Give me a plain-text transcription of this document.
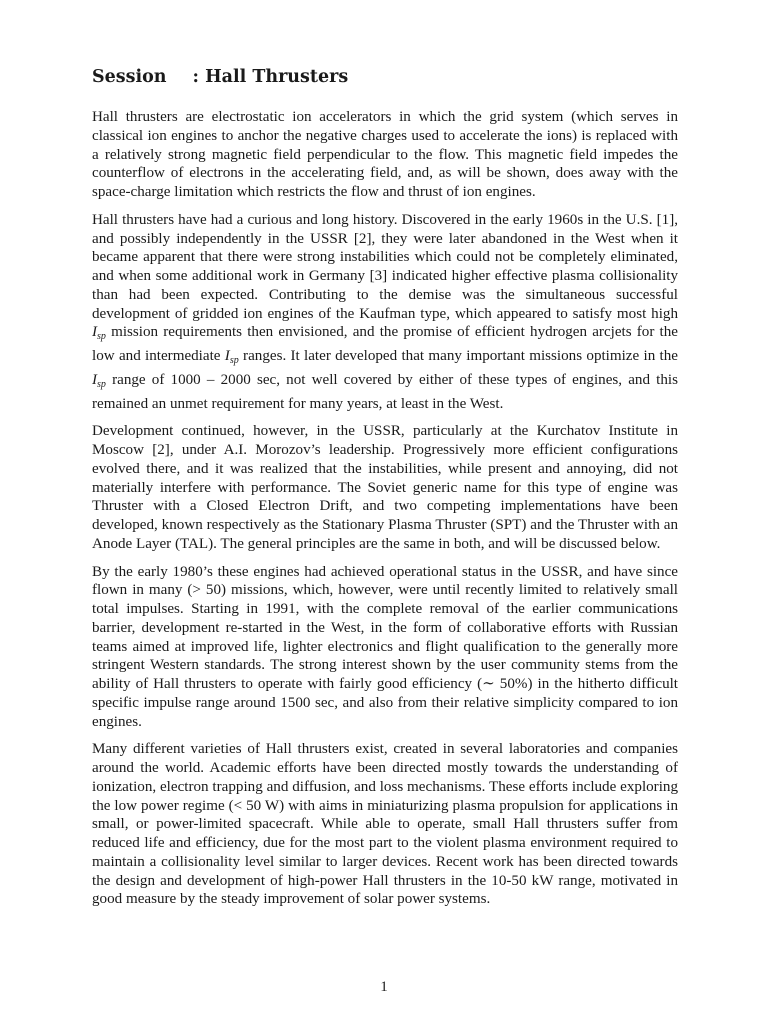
Session : Hall Thrusters

Hall thrusters are electrostatic ion accelerators in which the grid system (which serves in classical ion engines to anchor the negative charges used to accelerate the ions) is replaced with a relatively strong magnetic field perpendicular to the flow. This magnetic field impedes the counterflow of electrons in the accelerating field, and, as will be shown, does away with the space-charge limitation which restricts the flow and thrust of ion engines.

Hall thrusters have had a curious and long history. Discovered in the early 1960s in the U.S. [1], and possibly independently in the USSR [2], they were later abandoned in the West when it became apparent that there were strong instabilities which could not be completely eliminated, and when some additional work in Germany [3] indicated higher effective plasma collisionality than had been expected. Contributing to the demise was the simultaneous successful development of gridded ion engines of the Kaufman type, which appeared to satisfy most high $I_{sp}$ mission requirements then envisioned, and the promise of efficient hydrogen arcjets for the low and intermediate $I_{sp}$ ranges. It later developed that many important missions optimize in the $I_{sp}$ range of 1000 – 2000 sec, not well covered by either of these types of engines, and this remained an unmet requirement for many years, at least in the West.

Development continued, however, in the USSR, particularly at the Kurchatov Institute in Moscow [2], under A.I. Morozov’s leadership. Progressively more efficient configurations evolved there, and it was realized that the instabilities, while present and annoying, did not materially interfere with performance. The Soviet generic name for this type of engine was Thruster with a Closed Electron Drift, and two competing implementations have been developed, known respectively as the Stationary Plasma Thruster (SPT) and the Thruster with an Anode Layer (TAL). The general principles are the same in both, and will be discussed below.

By the early 1980’s these engines had achieved operational status in the USSR, and have since flown in many (> 50) missions, which, however, were until recently limited to relatively small total impulses. Starting in 1991, with the complete removal of the earlier communications barrier, development re-started in the West, in the form of collaborative efforts with Russian teams aimed at improved life, lighter electronics and flight qualification to the generally more stringent Western standards. The strong interest shown by the user community stems from the ability of Hall thrusters to operate with fairly good efficiency (∼ 50%) in the hitherto difficult specific impulse range around 1500 sec, and also from their relative simplicity compared to ion engines.

Many different varieties of Hall thrusters exist, created in several laboratories and companies around the world. Academic efforts have been directed mostly towards the understanding of ionization, electron trapping and diffusion, and loss mechanisms. These efforts include exploring the low power regime (< 50 W) with aims in miniaturizing plasma propulsion for applications in small, or power-limited spacecraft. While able to operate, small Hall thrusters suffer from reduced life and efficiency, due for the most part to the violent plasma environment required to maintain a collisionality level similar to larger devices. Recent work has been directed towards the design and development of high-power Hall thrusters in the 10-50 kW range, motivated in good measure by the steady improvement of solar power systems.

1
